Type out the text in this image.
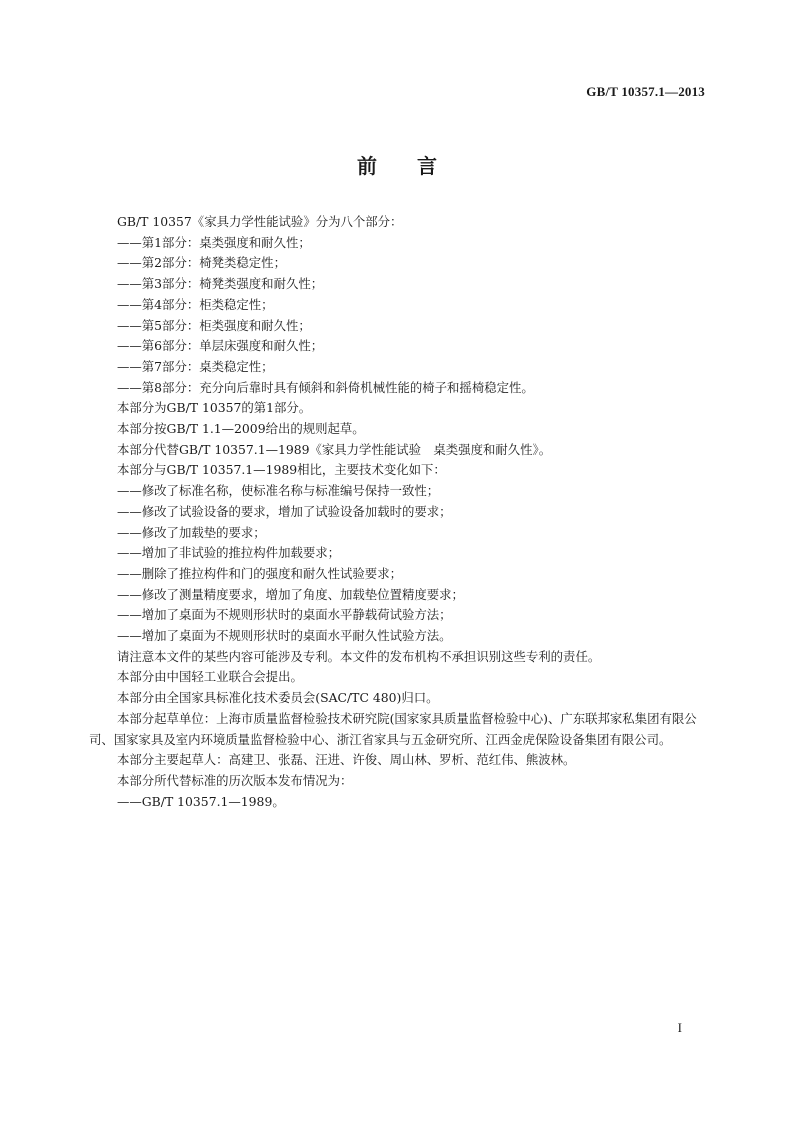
GB/T 10357.1—2013

前言

GB/T 10357《家具力学性能试验》分为八个部分：

——第1部分：桌类强度和耐久性；

——第2部分：椅凳类稳定性；

——第3部分：椅凳类强度和耐久性；

——第4部分：柜类稳定性；

——第5部分：柜类强度和耐久性；

——第6部分：单层床强度和耐久性；

——第7部分：桌类稳定性；

——第8部分：充分向后靠时具有倾斜和斜倚机械性能的椅子和摇椅稳定性。

本部分为GB/T 10357的第1部分。

本部分按GB/T 1.1—2009给出的规则起草。

本部分代替GB/T 10357.1—1989《家具力学性能试验　桌类强度和耐久性》。

本部分与GB/T 10357.1—1989相比，主要技术变化如下：

——修改了标准名称，使标准名称与标准编号保持一致性；

——修改了试验设备的要求，增加了试验设备加载时的要求；

——修改了加载垫的要求；

——增加了非试验的推拉构件加载要求；

——删除了推拉构件和门的强度和耐久性试验要求；

——修改了测量精度要求，增加了角度、加载垫位置精度要求；

——增加了桌面为不规则形状时的桌面水平静载荷试验方法；

——增加了桌面为不规则形状时的桌面水平耐久性试验方法。

请注意本文件的某些内容可能涉及专利。本文件的发布机构不承担识别这些专利的责任。

本部分由中国轻工业联合会提出。

本部分由全国家具标准化技术委员会(SAC/TC 480)归口。

本部分起草单位：上海市质量监督检验技术研究院(国家家具质量监督检验中心)、广东联邦家私集团有限公司、国家家具及室内环境质量监督检验中心、浙江省家具与五金研究所、江西金虎保险设备集团有限公司。

本部分主要起草人：高建卫、张磊、汪进、许俊、周山林、罗析、范红伟、熊波林。

本部分所代替标准的历次版本发布情况为：

——GB/T 10357.1—1989。

I
